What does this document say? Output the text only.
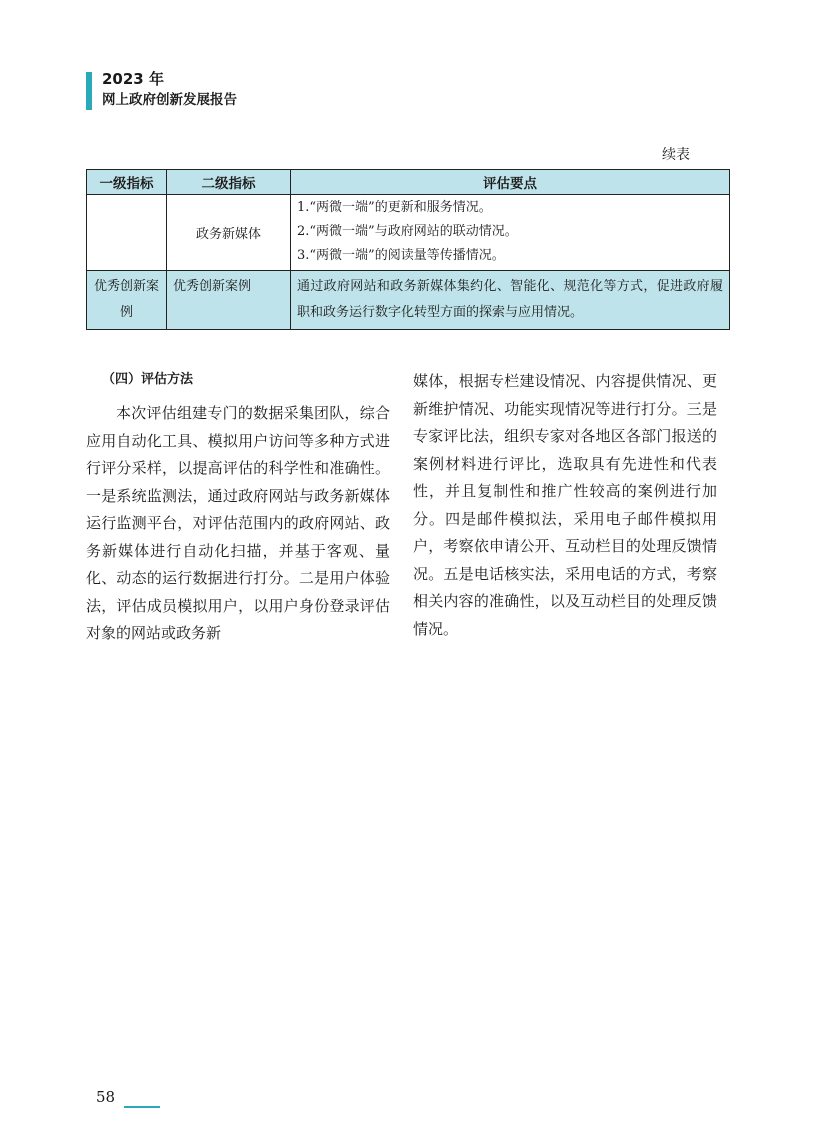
2023 年
网上政府创新发展报告
续表
一级指标	二级指标	评估要点
	政务新媒体	1.“两微一端”的更新和服务情况。
2.“两微一端”与政府网站的联动情况。
3.“两微一端”的阅读量等传播情况。

优秀创新案例	优秀创新案例	通过政府网站和政务新媒体集约化、智能化、规范化等方式，促进政府履职和政务运行数字化转型方面的探索与应用情况。
（四）评估方法

本次评估组建专门的数据采集团队，综合应用自动化工具、模拟用户访问等多种方式进行评分采样，以提高评估的科学性和准确性。一是系统监测法，通过政府网站与政务新媒体运行监测平台，对评估范围内的政府网站、政务新媒体进行自动化扫描，并基于客观、量化、动态的运行数据进行打分。二是用户体验法，评估成员模拟用户，以用户身份登录评估对象的网站或政务新

媒体，根据专栏建设情况、内容提供情况、更新维护情况、功能实现情况等进行打分。三是专家评比法，组织专家对各地区各部门报送的案例材料进行评比，选取具有先进性和代表性，并且复制性和推广性较高的案例进行加分。四是邮件模拟法，采用电子邮件模拟用户，考察依申请公开、互动栏目的处理反馈情况。五是电话核实法，采用电话的方式，考察相关内容的准确性，以及互动栏目的处理反馈情况。

58
